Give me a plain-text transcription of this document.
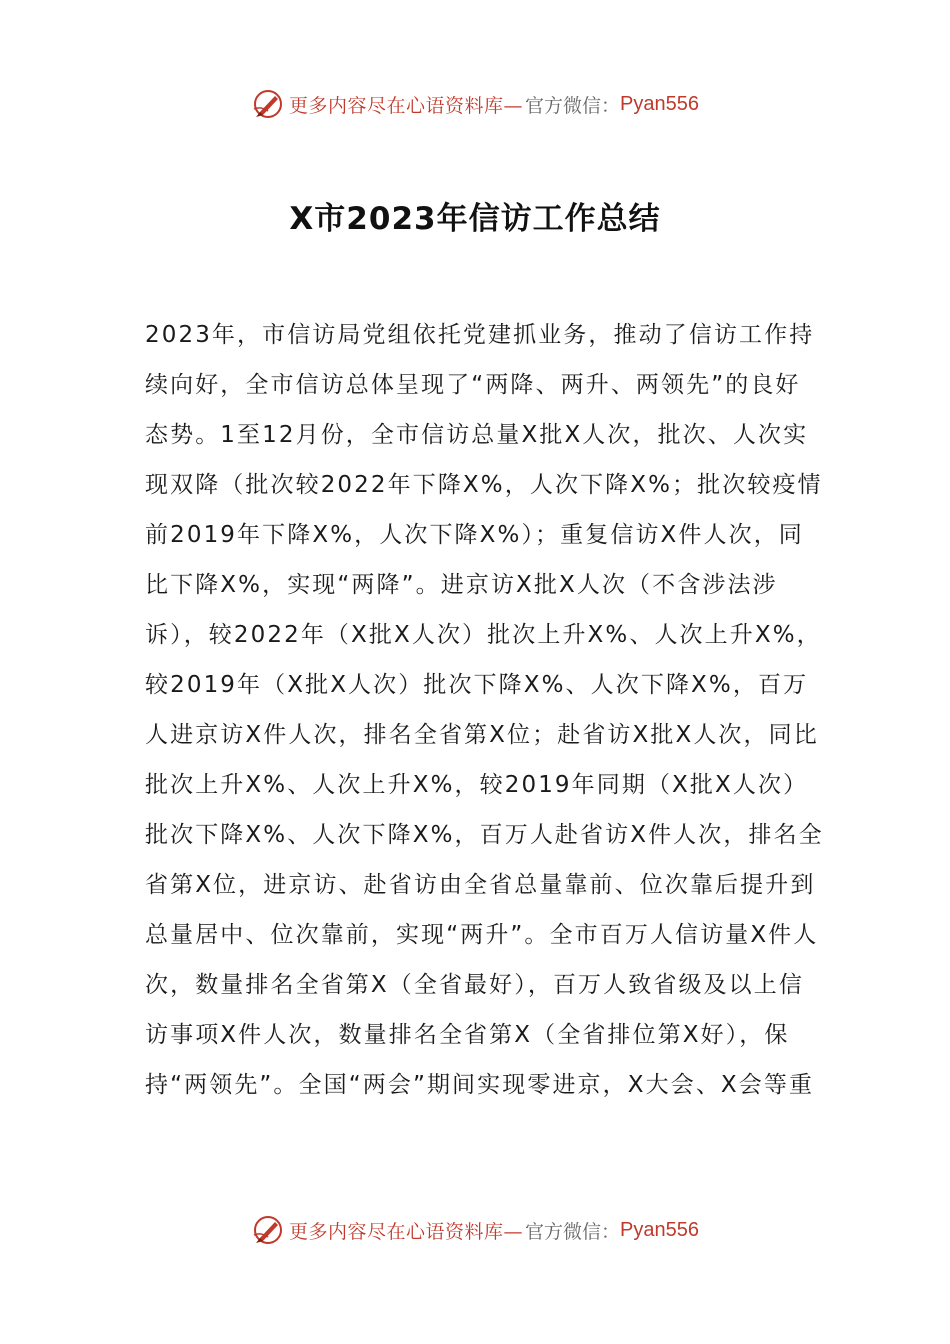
更多内容尽在心语资料库— 官方微信： Pyan556
X市2023年信访工作总结

2023年，市信访局党组依托党建抓业务，推动了信访工作持续向好，全市信访总体呈现了“两降、两升、两领先”的良好态势。1至12月份，全市信访总量X批X人次，批次、人次实现双降（批次较2022年下降X%，人次下降X%；批次较疫情前2019年下降X%，人次下降X%）；重复信访X件人次，同比下降X%，实现“两降”。进京访X批X人次（不含涉法涉诉），较2022年（X批X人次）批次上升X%、人次上升X%，较2019年（X批X人次）批次下降X%、人次下降X%，百万人进京访X件人次，排名全省第X位；赴省访X批X人次，同比批次上升X%、人次上升X%，较2019年同期（X批X人次）批次下降X%、人次下降X%，百万人赴省访X件人次，排名全省第X位，进京访、赴省访由全省总量靠前、位次靠后提升到总量居中、位次靠前，实现“两升”。全市百万人信访量X件人次，数量排名全省第X（全省最好），百万人致省级及以上信访事项X件人次，数量排名全省第X（全省排位第X好），保持“两领先”。全国“两会”期间实现零进京，X大会、X会等重

更多内容尽在心语资料库— 官方微信： Pyan556
